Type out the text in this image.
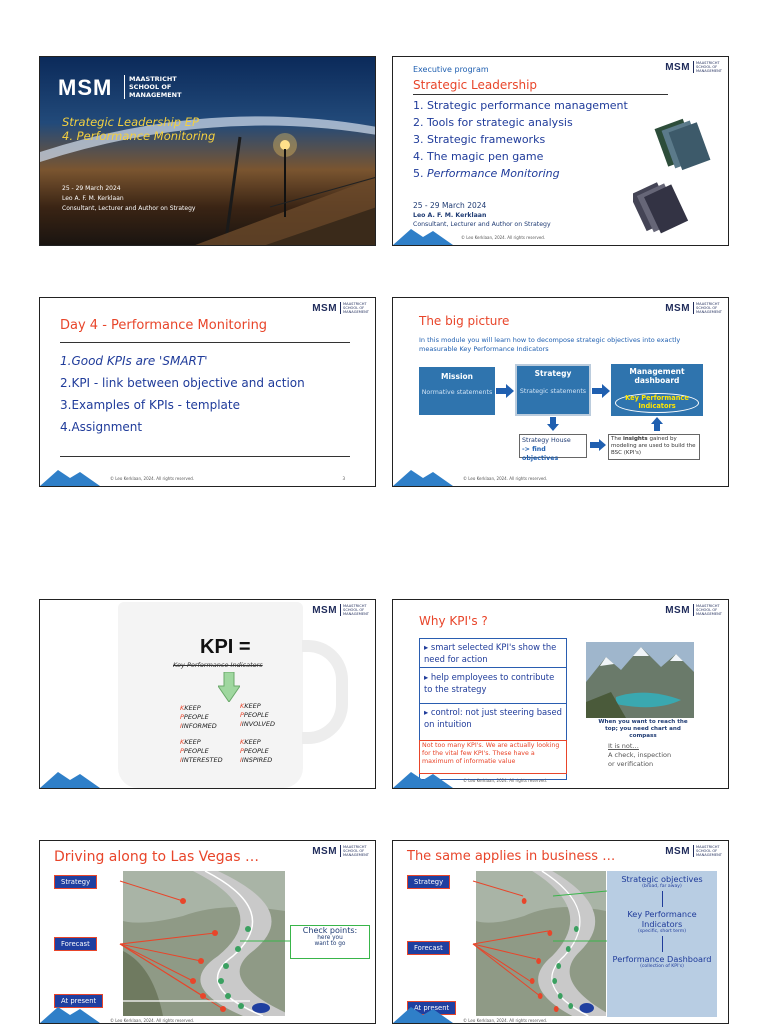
MSM	MAASTRICHT
SCHOOL OF
MANAGEMENT
Strategic Leadership EP
4. Performance Monitoring
25 - 29 March 2024
Leo A. F. M. Kerklaan
Consultant, Lecturer and Author on Strategy
MSM MAASTRICHT
SCHOOL OF
MANAGEMENT
Executive program
Strategic Leadership
1. Strategic performance management
2. Tools for strategic analysis
3. Strategic frameworks
4. The magic pen game
5. Performance Monitoring
25 - 29 March 2024
Leo A. F. M. Kerklaan
Consultant, Lecturer and Author on Strategy
© Leo Kerklaan, 2024. All rights reserved.
MSM MAASTRICHT
SCHOOL OF
MANAGEMENT
Day 4 - Performance Monitoring
1.Good KPIs are 'SMART'
2.KPI - link between objective and action
3.Examples of KPIs - template
4.Assignment
© Leo Kerklaan, 2024. All rights reserved.	3
MSM MAASTRICHT
SCHOOL OF
MANAGEMENT
The big picture
In this module you will learn how to decompose strategic objectives into exactly measurable Key Performance Indicators
Mission
Normative statements
Strategy
Strategic statements
Management dashboard
Key Performance Indicators
Strategy House
-> find objectives
The insights gained by modeling are used to build the BSC (KPI's)
© Leo Kerklaan, 2024. All rights reserved.
MSM MAASTRICHT
SCHOOL OF
MANAGEMENT
KPI =
Key Performance Indicators
KKEEP
PPEOPLE
IINFORMED
KKEEP
PPEOPLE
IINVOLVED
KKEEP
PPEOPLE
IINTERESTED
KKEEP
PPEOPLE
IINSPIRED
MSM MAASTRICHT
SCHOOL OF
MANAGEMENT
Why KPI's ?
▸ smart selected KPI's show the need for action
▸ help employees to contribute to the strategy
▸ control: not just steering based on intuition
Not too many KPI's. We are actually looking for the vital few KPI's. These have a maximum of informatie value
When you want to reach the top; you need chart and compass
It is not…
A check, inspection
or verification
© Leo Kerklaan, 2024. All rights reserved.
MSM MAASTRICHT
SCHOOL OF
MANAGEMENT
Driving along to Las Vegas …
Strategy
Forecast
At present
Check points:
here you
want to go
© Leo Kerklaan, 2024. All rights reserved.
MSM MAASTRICHT
SCHOOL OF
MANAGEMENT
The same applies in business …
Strategy
Forecast
At present
Strategic objectives
(broad, far away)
Key Performance Indicators
(specific, short term)
Performance Dashboard
(collection of KPI's)
© Leo Kerklaan, 2024. All rights reserved.
